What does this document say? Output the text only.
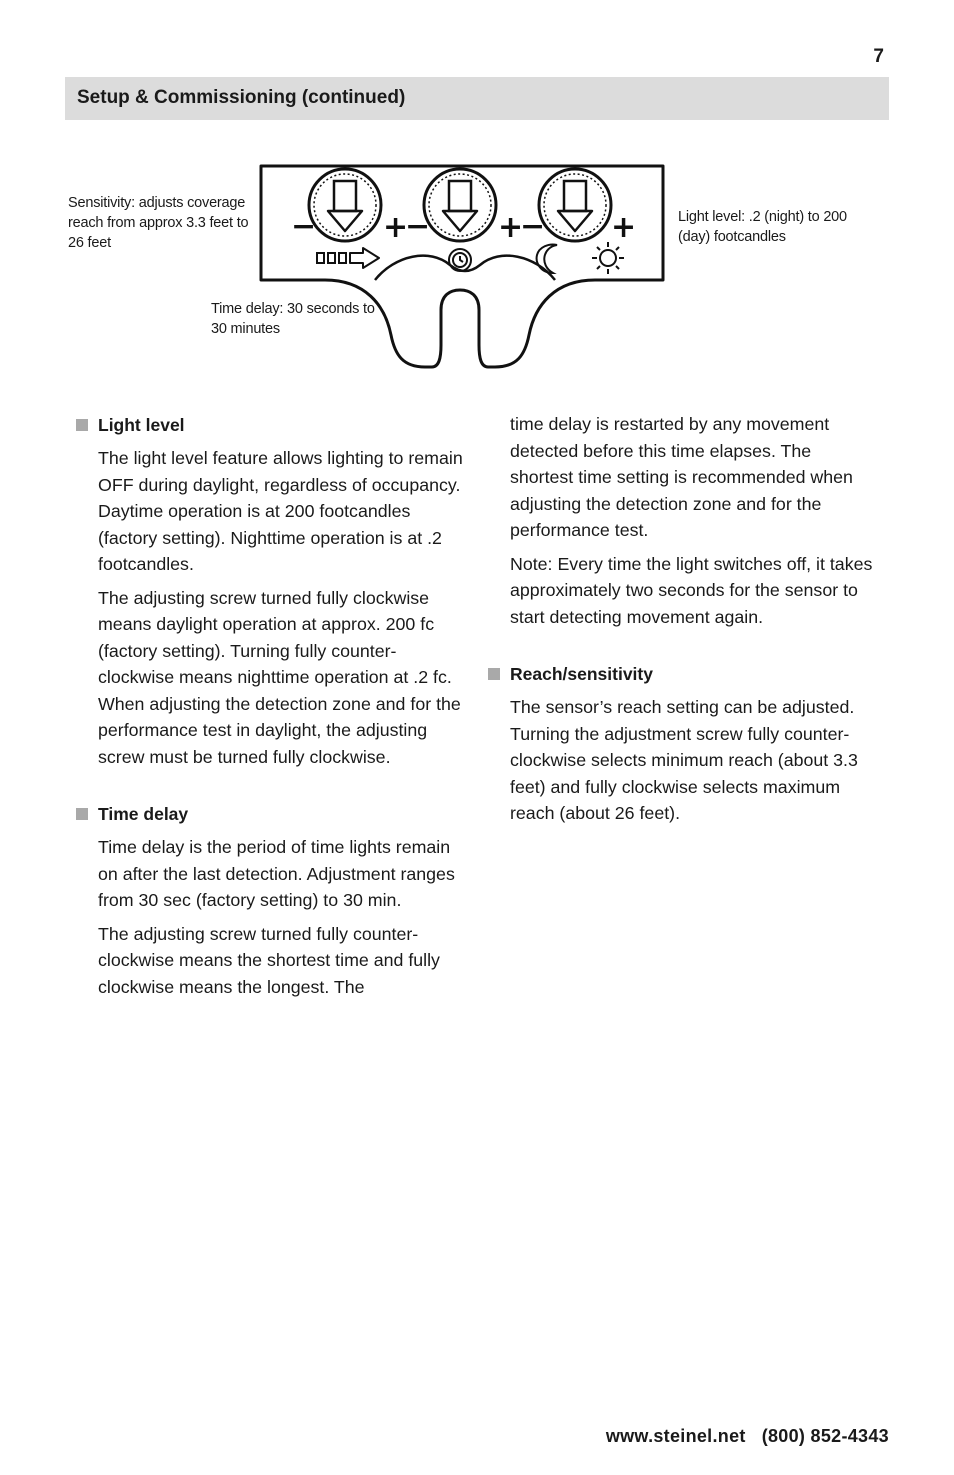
7
Setup & Commissioning (continued)

Sensitivity: adjusts coverage reach from approx 3.3 feet to 26 feet

Light level: .2 (night) to 200 (day) footcandles

Time delay: 30 seconds to 30 minutes

− +
− +
− +
Light level

The light level feature allows lighting to remain OFF during daylight, regardless of occupancy. Daytime operation is at 200 footcandles (factory setting). Nighttime operation is at .2 footcandles.

The adjusting screw turned fully clockwise means daylight operation at approx. 200 fc (factory setting). Turning fully counter-clockwise means nighttime operation at .2 fc. When adjusting the detection zone and for the performance test in daylight, the adjusting screw must be turned fully clockwise.

Time delay

Time delay is the period of time lights remain on after the last detection. Adjustment ranges from 30 sec (factory setting) to 30 min.

The adjusting screw turned fully counter-clockwise means the shortest time and fully clockwise means the longest. The

time delay is restarted by any movement detected before this time elapses. The shortest time setting is recommended when adjusting the detection zone and for the performance test.

Note: Every time the light switches off, it takes approximately two seconds for the sensor to start detecting movement again.

Reach/sensitivity

The sensor’s reach setting can be adjusted. Turning the adjustment screw fully counter-clockwise selects minimum reach (about 3.3 feet) and fully clockwise selects maximum reach (about 26 feet).

www.steinel.net (800) 852-4343
